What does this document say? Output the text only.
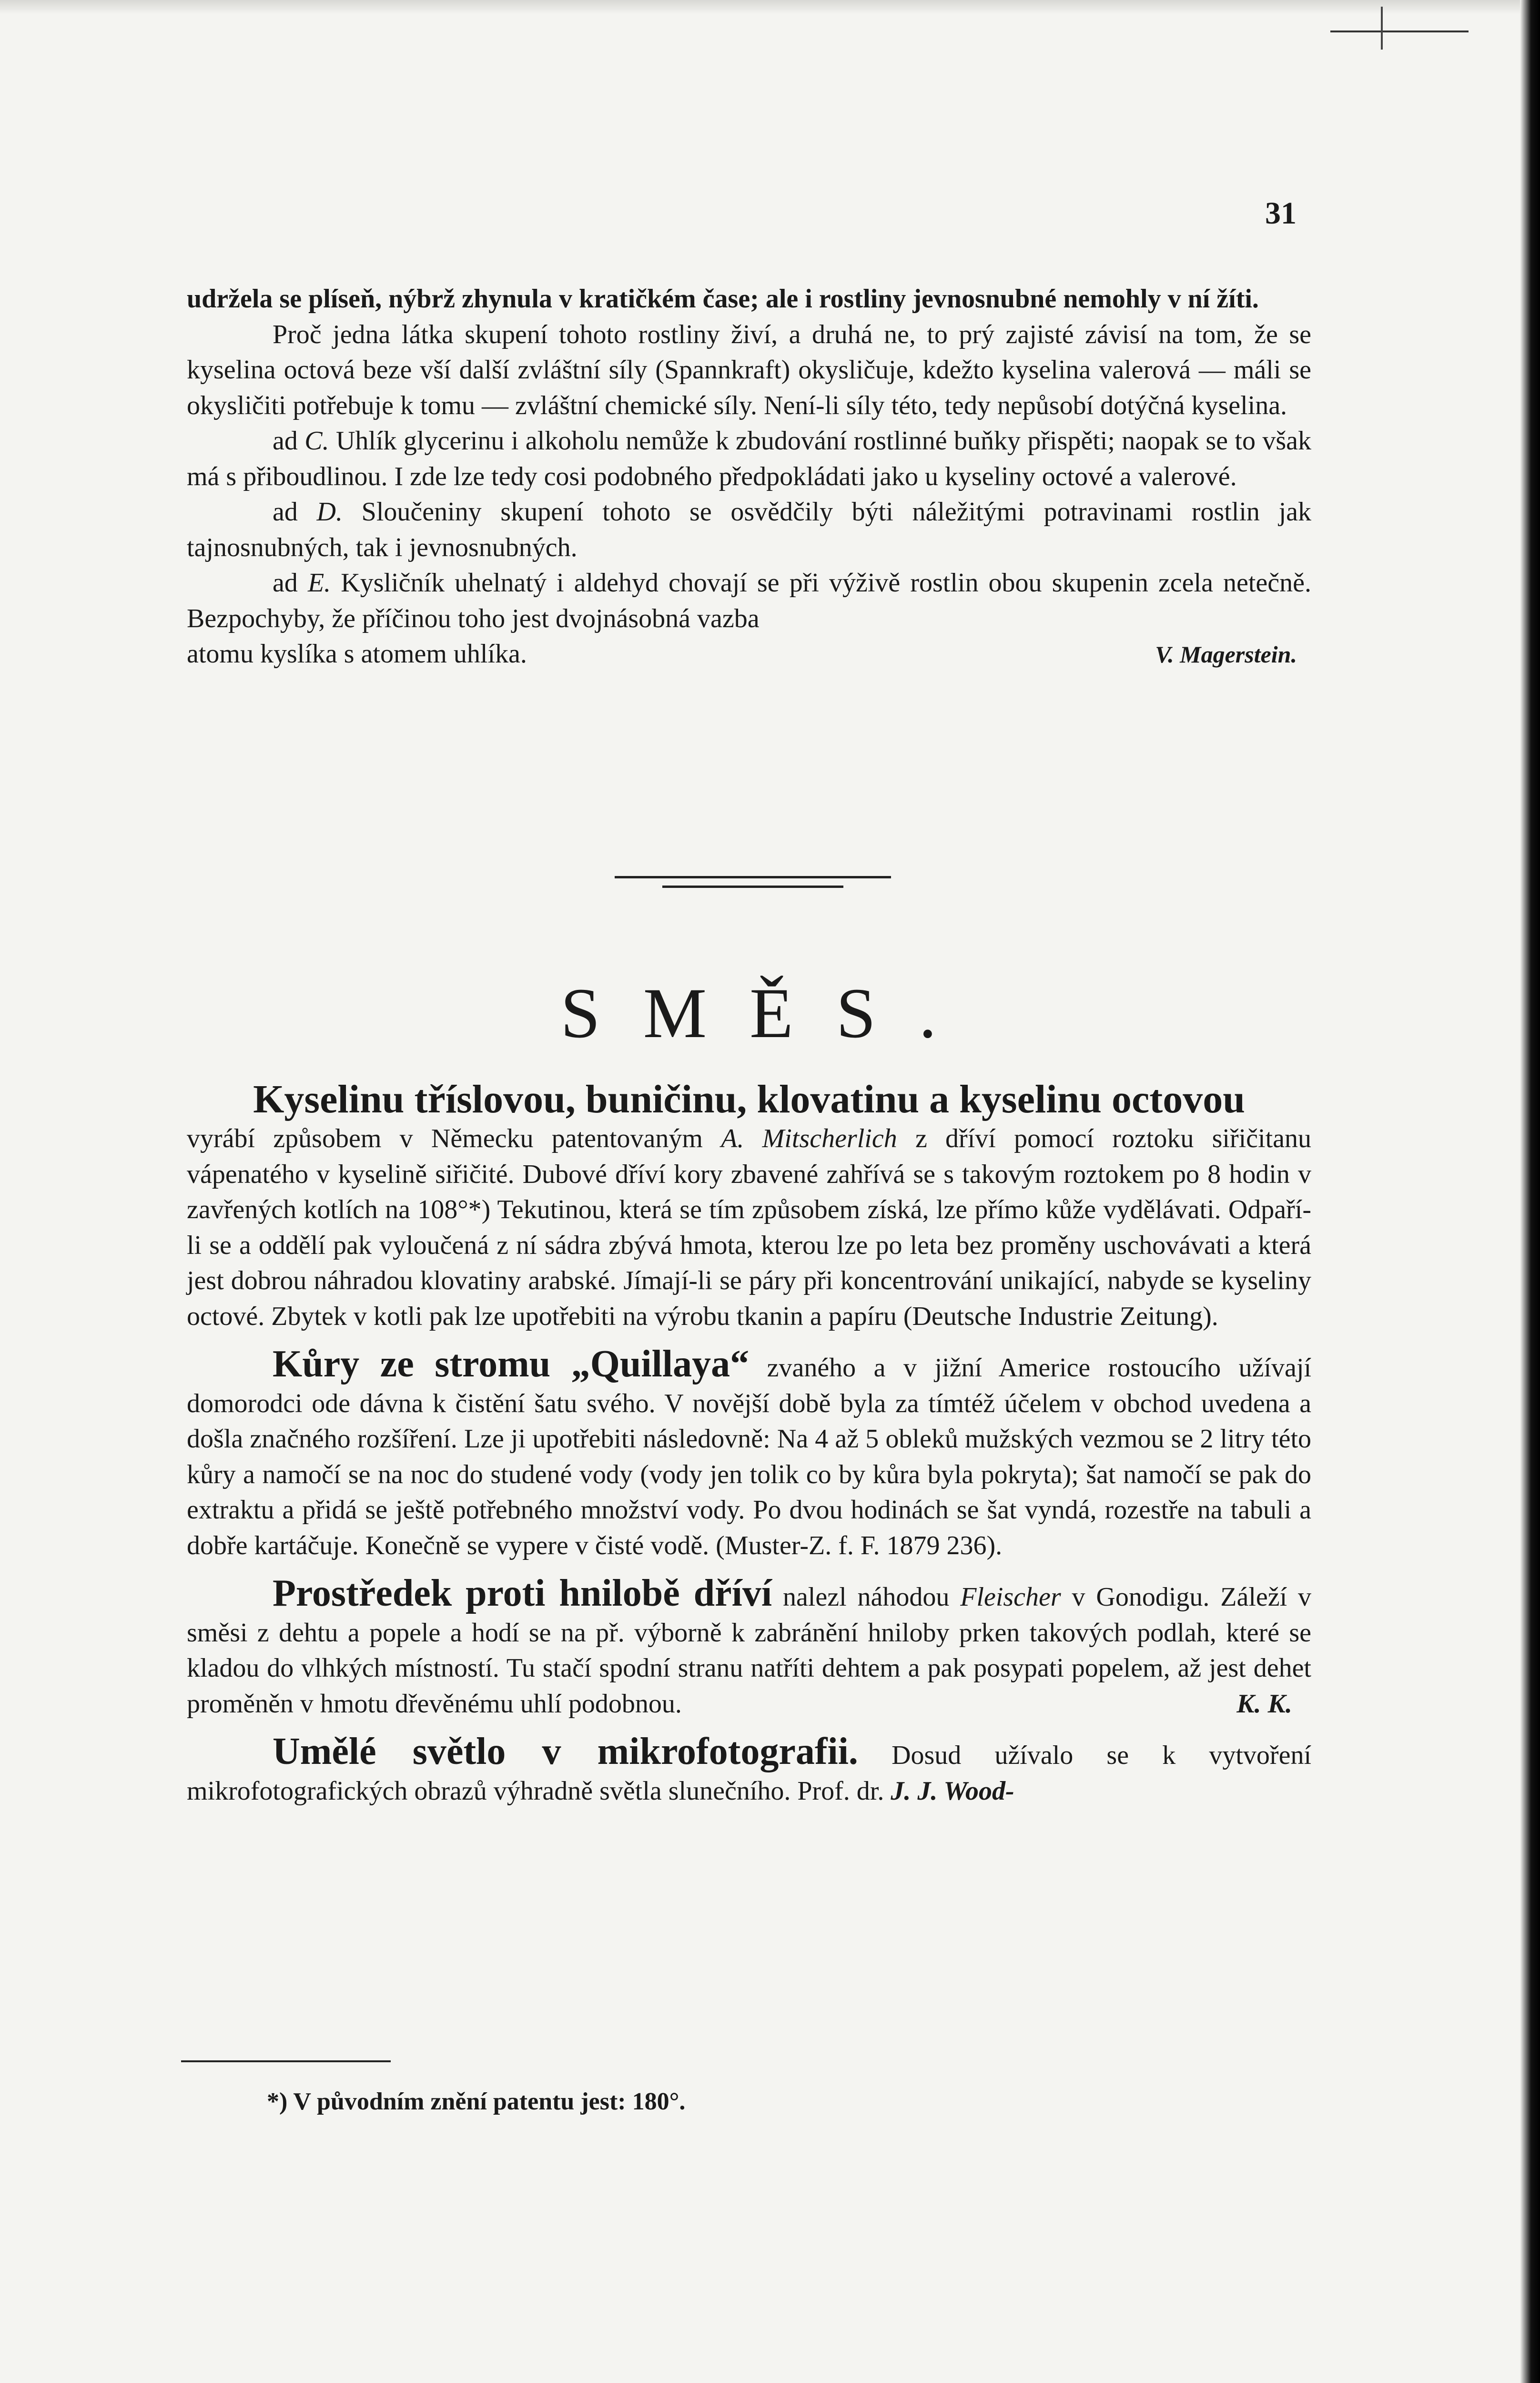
31

udržela se plíseň, nýbrž zhynula v kratičkém čase; ale i rostliny jevnosnubné nemohly v ní žíti.

Proč jedna látka skupení tohoto rostliny živí, a druhá ne, to prý zajisté závisí na tom, že se kyselina octová beze vší další zvláštní síly (Spannkraft) okysličuje, kdežto kyselina valerová — máli se okysličiti potřebuje k tomu — zvláštní chemické síly. Není-li síly této, tedy nepůsobí dotýčná kyselina.

ad C. Uhlík glycerinu i alkoholu nemůže k zbudování rostlinné buňky přispěti; naopak se to však má s přiboudlinou. I zde lze tedy cosi podobného předpokládati jako u kyseliny octové a valerové.

ad D. Sloučeniny skupení tohoto se osvědčily býti náležitými potravinami rostlin jak tajnosnubných, tak i jevnosnubných.

ad E. Kysličník uhelnatý i aldehyd chovají se při výživě rostlin obou skupenin zcela netečně. Bezpochyby, že příčinou toho jest dvojnásobná vazba

atomu kyslíka s atomem uhlíka.	V. Magerstein.
SMĚS.

Kyselinu tříslovou, buničinu, klovatinu a kyselinu octovou

vyrábí způsobem v Německu patentovaným A. Mitscherlich z dříví pomocí roztoku siřičitanu vápenatého v kyselině siřičité. Dubové dříví kory zbavené zahřívá se s takovým roztokem po 8 hodin v zavřených kotlích na 108°*) Tekutinou, která se tím způsobem získá, lze přímo kůže vydělávati. Odpaří-li se a oddělí pak vyloučená z ní sádra zbývá hmota, kterou lze po leta bez proměny uschovávati a která jest dobrou náhradou klovatiny arabské. Jímají-li se páry při koncentrování unikající, nabyde se kyseliny octové. Zbytek v kotli pak lze upotřebiti na výrobu tkanin a papíru (Deutsche Industrie Zeitung).

Kůry ze stromu „Quillaya“ zvaného a v jižní Americe rostoucího užívají domorodci ode dávna k čistění šatu svého. V novější době byla za tímtéž účelem v obchod uvedena a došla značného rozšíření. Lze ji upotřebiti následovně: Na 4 až 5 obleků mužských vezmou se 2 litry této kůry a namočí se na noc do studené vody (vody jen tolik co by kůra byla pokryta); šat namočí se pak do extraktu a přidá se ještě potřebného množství vody. Po dvou hodinách se šat vyndá, rozestře na tabuli a dobře kartáčuje. Konečně se vypere v čisté vodě. (Muster-Z. f. F. 1879 236).

Prostředek proti hnilobě dříví nalezl náhodou Fleischer v Gonodigu. Záleží v směsi z dehtu a popele a hodí se na př. výborně k zabránění hniloby prken takových podlah, které se kladou do vlhkých místností. Tu stačí spodní stranu natříti dehtem a pak posypati popelem, až jest dehet proměněn v hmotu dřevěnému uhlí podobnou.	K. K.

Umělé světlo v mikrofotografii. Dosud užívalo se k vytvoření mikrofotografických obrazů výhradně světla slunečního. Prof. dr. J. J. Wood-

*) V původním znění patentu jest: 180°.
